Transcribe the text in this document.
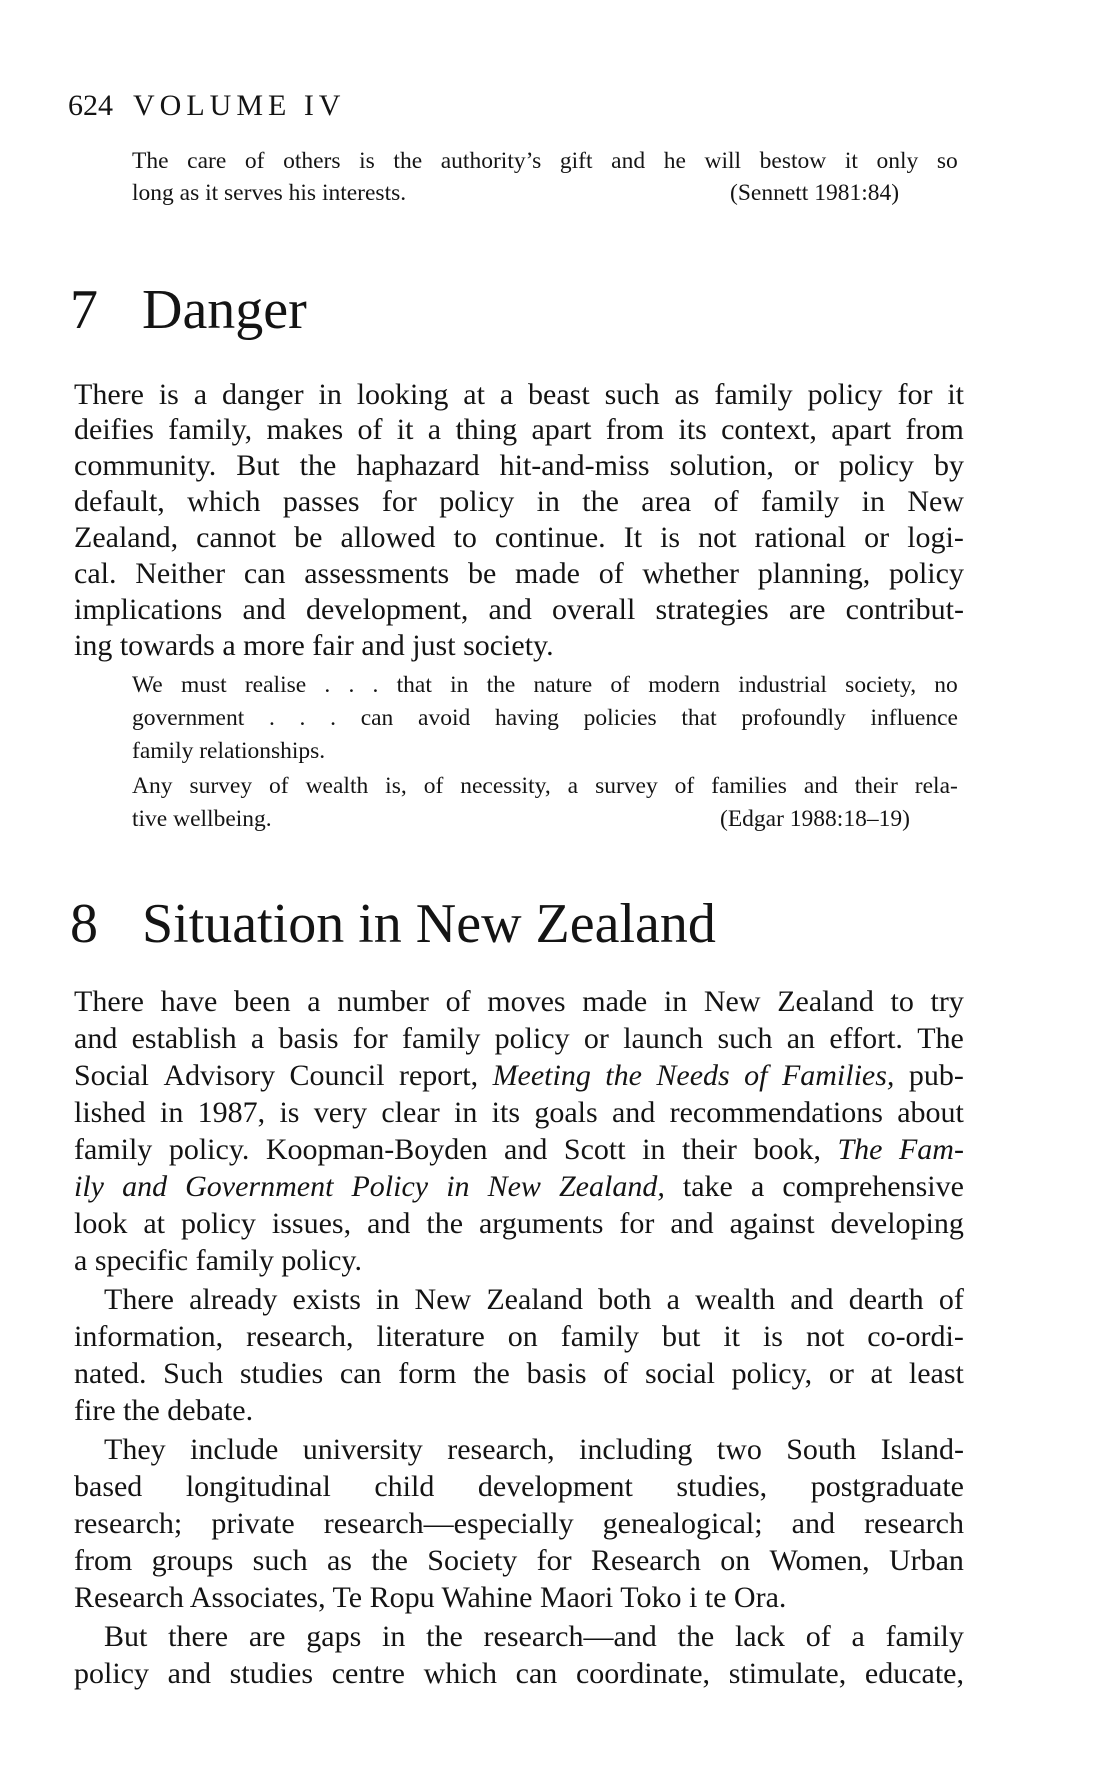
624 VOLUME IV
The care of others is the authority’s gift and he will bestow it only so
long as it serves his interests.	(Sennett 1981:84)
7 Danger
There is a danger in looking at a beast such as family policy for it
deifies family, makes of it a thing apart from its context, apart from
community. But the haphazard hit-and-miss solution, or policy by
default, which passes for policy in the area of family in New
Zealand, cannot be allowed to continue. It is not rational or logi-
cal. Neither can assessments be made of whether planning, policy
implications and development, and overall strategies are contribut-
ing towards a more fair and just society.
We must realise . . . that in the nature of modern industrial society, no
government . . . can avoid having policies that profoundly influence
family relationships.
Any survey of wealth is, of necessity, a survey of families and their rela-
tive wellbeing.	(Edgar 1988:18–19)
8 Situation in New Zealand
There have been a number of moves made in New Zealand to try
and establish a basis for family policy or launch such an effort. The
Social Advisory Council report, Meeting the Needs of Families, pub-
lished in 1987, is very clear in its goals and recommendations about
family policy. Koopman-Boyden and Scott in their book, The Fam-
ily and Government Policy in New Zealand, take a comprehensive
look at policy issues, and the arguments for and against developing
a specific family policy.
There already exists in New Zealand both a wealth and dearth of
information, research, literature on family but it is not co-ordi-
nated. Such studies can form the basis of social policy, or at least
fire the debate.
They include university research, including two South Island-
based longitudinal child development studies, postgraduate
research; private research—especially genealogical; and research
from groups such as the Society for Research on Women, Urban
Research Associates, Te Ropu Wahine Maori Toko i te Ora.
But there are gaps in the research—and the lack of a family
policy and studies centre which can coordinate, stimulate, educate,
